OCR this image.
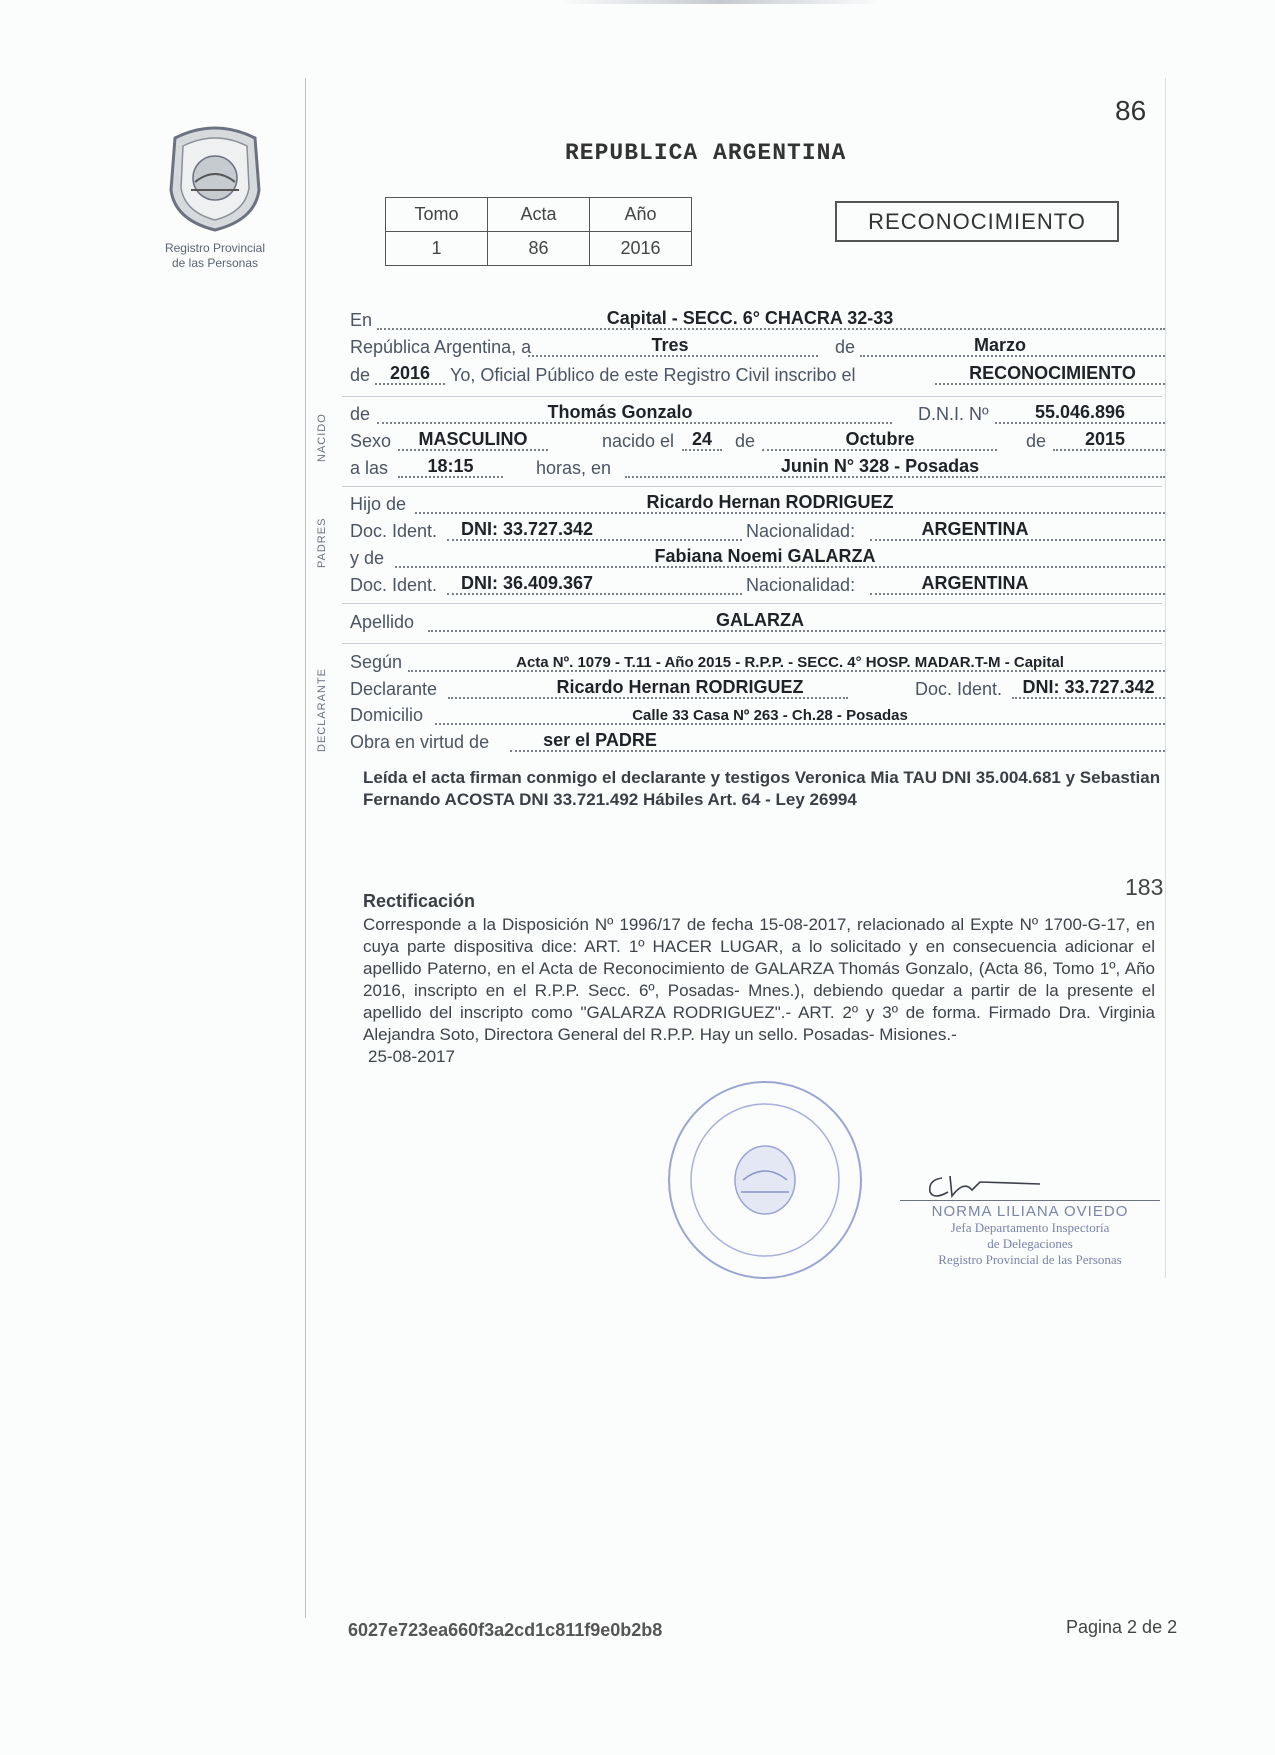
86
Registro Provincial
de las Personas
REPUBLICA ARGENTINA
Tomo	Acta	Año
1	86	2016
RECONOCIMIENTO
En	Capital - SECC. 6° CHACRA 32-33
República Argentina, a	Tres	de	Marzo
de	2016	Yo, Oficial Público de este Registro Civil inscribo el	RECONOCIMIENTO
NACIDO de	Thomás Gonzalo	D.N.I. Nº	55.046.896
Sexo	MASCULINO	nacido el 24	de	Octubre	de	2015
a las	18:15	horas, en	Junin N° 328 - Posadas
PADRES
Hijo de	Ricardo Hernan RODRIGUEZ
Doc. Ident.	DNI: 33.727.342	Nacionalidad:	ARGENTINA
y de	Fabiana Noemi GALARZA
Doc. Ident.	DNI: 36.409.367	Nacionalidad:	ARGENTINA
Apellido	GALARZA
DECLARANTE
Según	Acta Nº. 1079 - T.11 - Año 2015 - R.P.P. - SECC. 4° HOSP. MADAR.T-M - Capital
Declarante	Ricardo Hernan RODRIGUEZ	Doc. Ident.	DNI: 33.727.342
Domicilio	Calle 33 Casa Nº 263 - Ch.28 - Posadas
Obra en virtud de	ser el PADRE
Leída el acta firman conmigo el declarante y testigos Veronica Mia TAU DNI 35.004.681 y Sebastian Fernando ACOSTA DNI 33.721.492 Hábiles Art. 64 - Ley 26994
183
Rectificación
Corresponde a la Disposición Nº 1996/17 de fecha 15-08-2017, relacionado al Expte Nº 1700-G-17, en cuya parte dispositiva dice: ART. 1º HACER LUGAR, a lo solicitado y en consecuencia adicionar el apellido Paterno, en el Acta de Reconocimiento de GALARZA Thomás Gonzalo, (Acta 86, Tomo 1º, Año 2016, inscripto en el R.P.P. Secc. 6º, Posadas- Mnes.), debiendo quedar a partir de la presente el apellido del inscripto como "GALARZA RODRIGUEZ".- ART. 2º y 3º de forma. Firmado Dra. Virginia Alejandra Soto, Directora General del R.P.P. Hay un sello. Posadas- Misiones.-
25-08-2017
NORMA LILIANA OVIEDO
Jefa Departamento Inspectoría
de Delegaciones
Registro Provincial de las Personas
6027e723ea660f3a2cd1c811f9e0b2b8	Pagina 2 de 2
